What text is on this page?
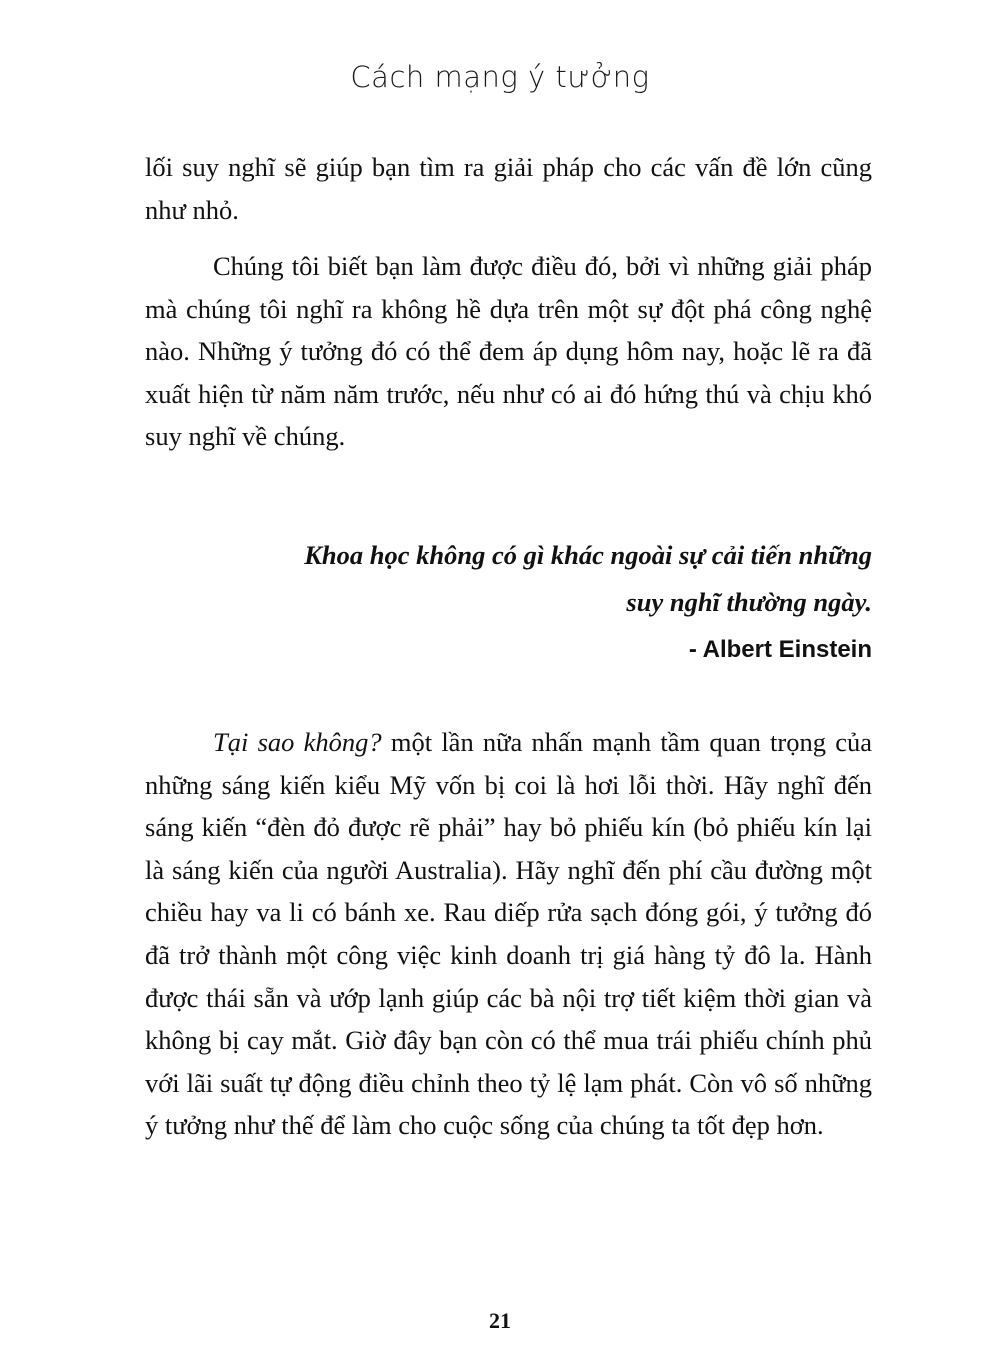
Cách mạng ý tưởng

lối suy nghĩ sẽ giúp bạn tìm ra giải pháp cho các vấn đề lớn cũng như nhỏ.

Chúng tôi biết bạn làm được điều đó, bởi vì những giải pháp mà chúng tôi nghĩ ra không hề dựa trên một sự đột phá công nghệ nào. Những ý tưởng đó có thể đem áp dụng hôm nay, hoặc lẽ ra đã xuất hiện từ năm năm trước, nếu như có ai đó hứng thú và chịu khó suy nghĩ về chúng.

Khoa học không có gì khác ngoài sự cải tiến những
suy nghĩ thường ngày.

- Albert Einstein

Tại sao không? một lần nữa nhấn mạnh tầm quan trọng của những sáng kiến kiểu Mỹ vốn bị coi là hơi lỗi thời. Hãy nghĩ đến sáng kiến “đèn đỏ được rẽ phải” hay bỏ phiếu kín (bỏ phiếu kín lại là sáng kiến của người Australia). Hãy nghĩ đến phí cầu đường một chiều hay va li có bánh xe. Rau diếp rửa sạch đóng gói, ý tưởng đó đã trở thành một công việc kinh doanh trị giá hàng tỷ đô la. Hành được thái sẵn và ướp lạnh giúp các bà nội trợ tiết kiệm thời gian và không bị cay mắt. Giờ đây bạn còn có thể mua trái phiếu chính phủ với lãi suất tự động điều chỉnh theo tỷ lệ lạm phát. Còn vô số những ý tưởng như thế để làm cho cuộc sống của chúng ta tốt đẹp hơn.

21
